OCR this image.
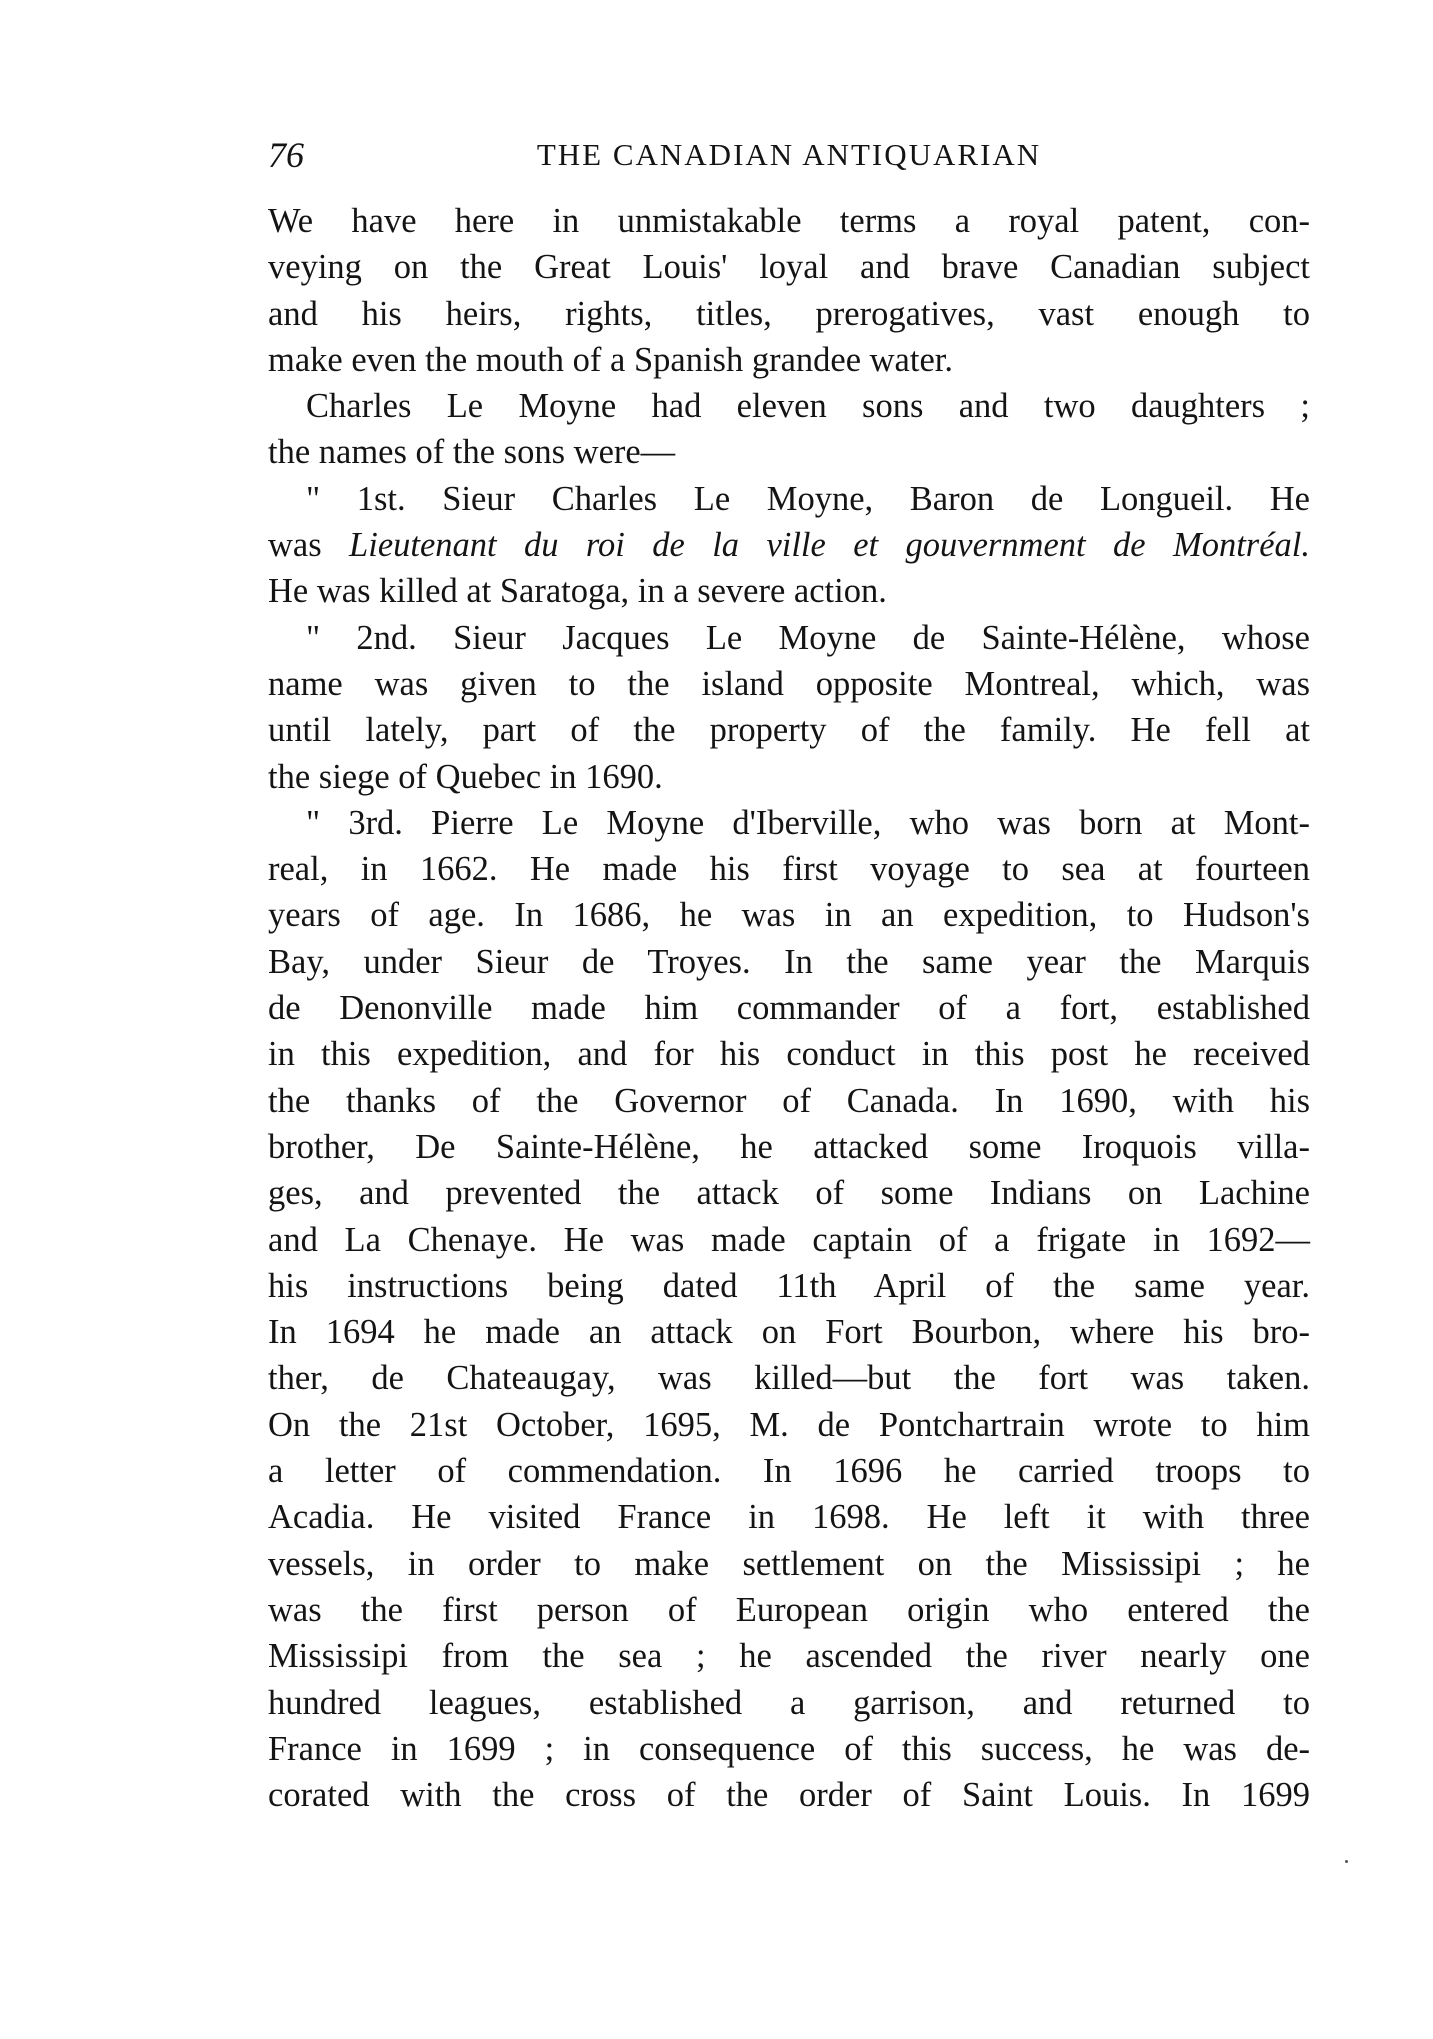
76	THE CANADIAN ANTIQUARIAN
We have here in unmistakable terms a royal patent, con-
veying on the Great Louis' loyal and brave Canadian subject
and his heirs, rights, titles, prerogatives, vast enough to
make even the mouth of a Spanish grandee water.
Charles Le Moyne had eleven sons and two daughters ;
the names of the sons were—
" 1st. Sieur Charles Le Moyne, Baron de Longueil. He
was Lieutenant du roi de la ville et gouvernment de Montréal.
He was killed at Saratoga, in a severe action.
" 2nd. Sieur Jacques Le Moyne de Sainte-Hélène, whose
name was given to the island opposite Montreal, which, was
until lately, part of the property of the family. He fell at
the siege of Quebec in 1690.
" 3rd. Pierre Le Moyne d'Iberville, who was born at Mont-
real, in 1662. He made his first voyage to sea at fourteen
years of age. In 1686, he was in an expedition, to Hudson's
Bay, under Sieur de Troyes. In the same year the Marquis
de Denonville made him commander of a fort, established
in this expedition, and for his conduct in this post he received
the thanks of the Governor of Canada. In 1690, with his
brother, De Sainte-Hélène, he attacked some Iroquois villa-
ges, and prevented the attack of some Indians on Lachine
and La Chenaye. He was made captain of a frigate in 1692—
his instructions being dated 11th April of the same year.
In 1694 he made an attack on Fort Bourbon, where his bro-
ther, de Chateaugay, was killed—but the fort was taken.
On the 21st October, 1695, M. de Pontchartrain wrote to him
a letter of commendation. In 1696 he carried troops to
Acadia. He visited France in 1698. He left it with three
vessels, in order to make settlement on the Mississipi ; he
was the first person of European origin who entered the
Mississipi from the sea ; he ascended the river nearly one
hundred leagues, established a garrison, and returned to
France in 1699 ; in consequence of this success, he was de-
corated with the cross of the order of Saint Louis. In 1699
